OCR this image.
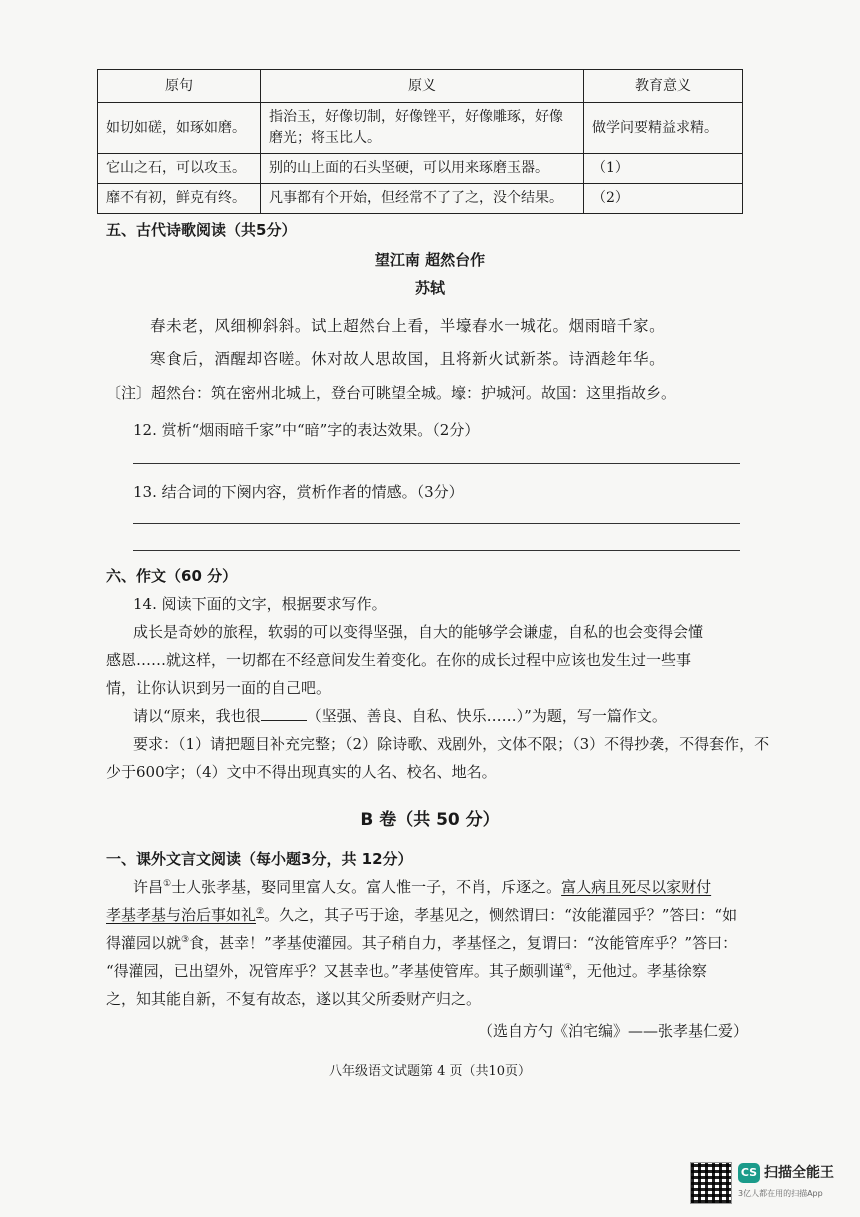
原句	原义	教育意义
如切如磋，如琢如磨。	指治玉，好像切制，好像锉平，好像雕琢，好像磨光；将玉比人。	做学问要精益求精。
它山之石，可以攻玉。	别的山上面的石头坚硬，可以用来琢磨玉器。	（1）
靡不有初，鲜克有终。	凡事都有个开始，但经常不了了之，没个结果。	（2）
五、古代诗歌阅读（共5分）
望江南 超然台作
苏轼
春未老，风细柳斜斜。试上超然台上看，半壕春水一城花。烟雨暗千家。
寒食后，酒醒却咨嗟。休对故人思故国，且将新火试新茶。诗酒趁年华。
〔注〕超然台：筑在密州北城上，登台可眺望全城。壕：护城河。故国：这里指故乡。
12. 赏析“烟雨暗千家”中“暗”字的表达效果。（2分）
13. 结合词的下阕内容，赏析作者的情感。（3分）
六、作文（60 分）
14. 阅读下面的文字，根据要求写作。
成长是奇妙的旅程，软弱的可以变得坚强，自大的能够学会谦虚，自私的也会变得会懂
感恩……就这样，一切都在不经意间发生着变化。在你的成长过程中应该也发生过一些事
情，让你认识到另一面的自己吧。
请以“原来，我也很	（坚强、善良、自私、快乐……）”为题，写一篇作文。
要求：（1）请把题目补充完整；（2）除诗歌、戏剧外，文体不限；（3）不得抄袭，不得套作，不
少于600字；（4）文中不得出现真实的人名、校名、地名。
B 卷（共 50 分）
一、课外文言文阅读（每小题3分，共 12分）
许昌①士人张孝基，娶同里富人女。富人惟一子，不肖，斥逐之。富人病且死尽以家财付
孝基孝基与治后事如礼②。久之，其子丐于途，孝基见之，恻然谓曰：“汝能灌园乎？”答曰：“如
得灌园以就③食，甚幸！”孝基使灌园。其子稍自力，孝基怪之，复谓曰：“汝能管库乎？”答曰：
“得灌园，已出望外，况管库乎？又甚幸也。”孝基使管库。其子颇驯谨④，无他过。孝基徐察
之，知其能自新，不复有故态，遂以其父所委财产归之。
（选自方勺《泊宅编》——张孝基仁爱）
八年级语文试题第 4 页（共10页）
CS 扫描全能王
3亿人都在用的扫描App
